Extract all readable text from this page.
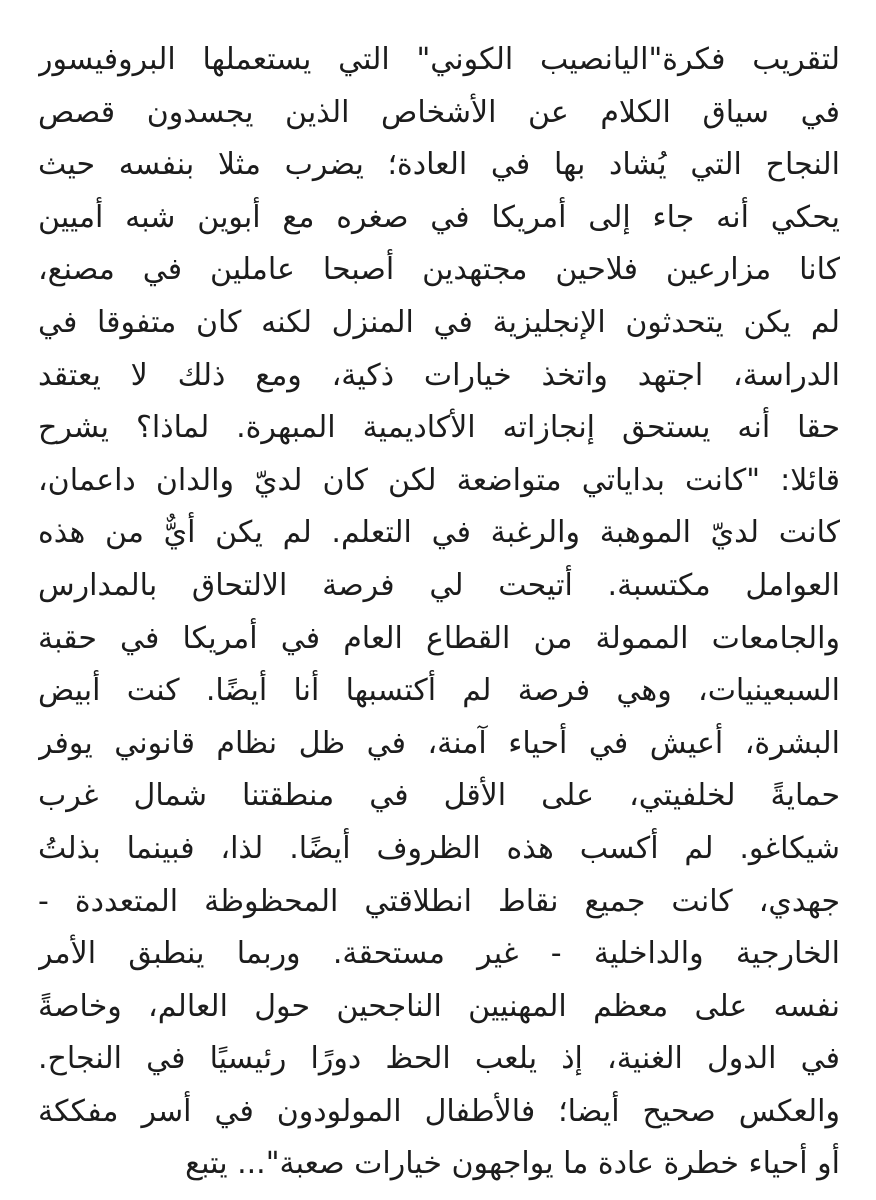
لتقريب فكرة"اليانصيب الكوني" التي يستعملها البروفيسور
في سياق الكلام عن الأشخاص الذين يجسدون قصص
النجاح التي يُشاد بها في العادة؛ يضرب مثلا بنفسه حيث
يحكي أنه جاء إلى أمريكا في صغره مع أبوين شبه أميين
كانا مزارعين فلاحين مجتهدين أصبحا عاملين في مصنع،
لم يكن يتحدثون الإنجليزية في المنزل لكنه كان متفوقا في
الدراسة، اجتهد واتخذ خيارات ذكية، ومع ذلك لا يعتقد
حقا أنه يستحق إنجازاته الأكاديمية المبهرة. لماذا؟ يشرح
قائلا: "كانت بداياتي متواضعة لكن كان لديّ والدان داعمان،
كانت لديّ الموهبة والرغبة في التعلم. لم يكن أيٌّ من هذه
العوامل مكتسبة. أتيحت لي فرصة الالتحاق بالمدارس
والجامعات الممولة من القطاع العام في أمريكا في حقبة
السبعينيات، وهي فرصة لم أكتسبها أنا أيضًا. كنت أبيض
البشرة، أعيش في أحياء آمنة، في ظل نظام قانوني يوفر
حمايةً لخلفيتي، على الأقل في منطقتنا شمال غرب
شيكاغو. لم أكسب هذه الظروف أيضًا. لذا، فبينما بذلتُ
جهدي، كانت جميع نقاط انطلاقتي المحظوظة المتعددة -
الخارجية والداخلية - غير مستحقة. وربما ينطبق الأمر
نفسه على معظم المهنيين الناجحين حول العالم، وخاصةً
في الدول الغنية، إذ يلعب الحظ دورًا رئيسيًا في النجاح.
والعكس صحيح أيضا؛ فالأطفال المولودون في أسر مفككة
أو أحياء خطرة عادة ما يواجهون خيارات صعبة"... يتبع
